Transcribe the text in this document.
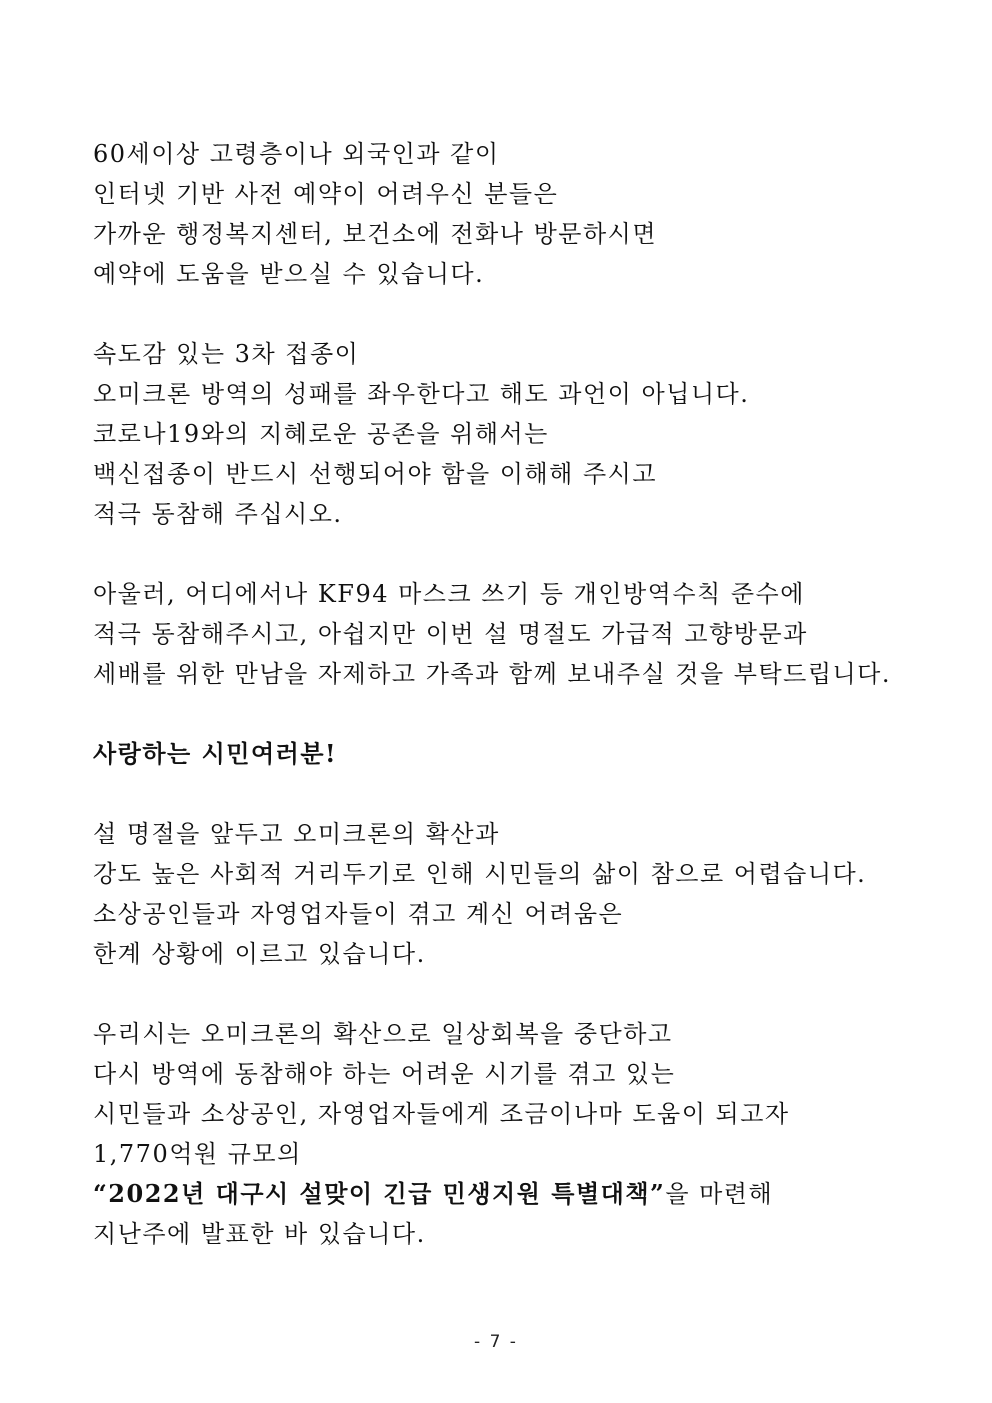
60세이상 고령층이나 외국인과 같이
인터넷 기반 사전 예약이 어려우신 분들은
가까운 행정복지센터, 보건소에 전화나 방문하시면
예약에 도움을 받으실 수 있습니다.
속도감 있는 3차 접종이
오미크론 방역의 성패를 좌우한다고 해도 과언이 아닙니다.
코로나19와의 지혜로운 공존을 위해서는
백신접종이 반드시 선행되어야 함을 이해해 주시고
적극 동참해 주십시오.
아울러, 어디에서나 KF94 마스크 쓰기 등 개인방역수칙 준수에
적극 동참해주시고, 아쉽지만 이번 설 명절도 가급적 고향방문과
세배를 위한 만남을 자제하고 가족과 함께 보내주실 것을 부탁드립니다.
사랑하는 시민여러분!
설 명절을 앞두고 오미크론의 확산과
강도 높은 사회적 거리두기로 인해 시민들의 삶이 참으로 어렵습니다.
소상공인들과 자영업자들이 겪고 계신 어려움은
한계 상황에 이르고 있습니다.
우리시는 오미크론의 확산으로 일상회복을 중단하고
다시 방역에 동참해야 하는 어려운 시기를 겪고 있는
시민들과 소상공인, 자영업자들에게 조금이나마 도움이 되고자
1,770억원 규모의
“2022년 대구시 설맞이 긴급 민생지원 특별대책”을 마련해
지난주에 발표한 바 있습니다.
- 7 -
